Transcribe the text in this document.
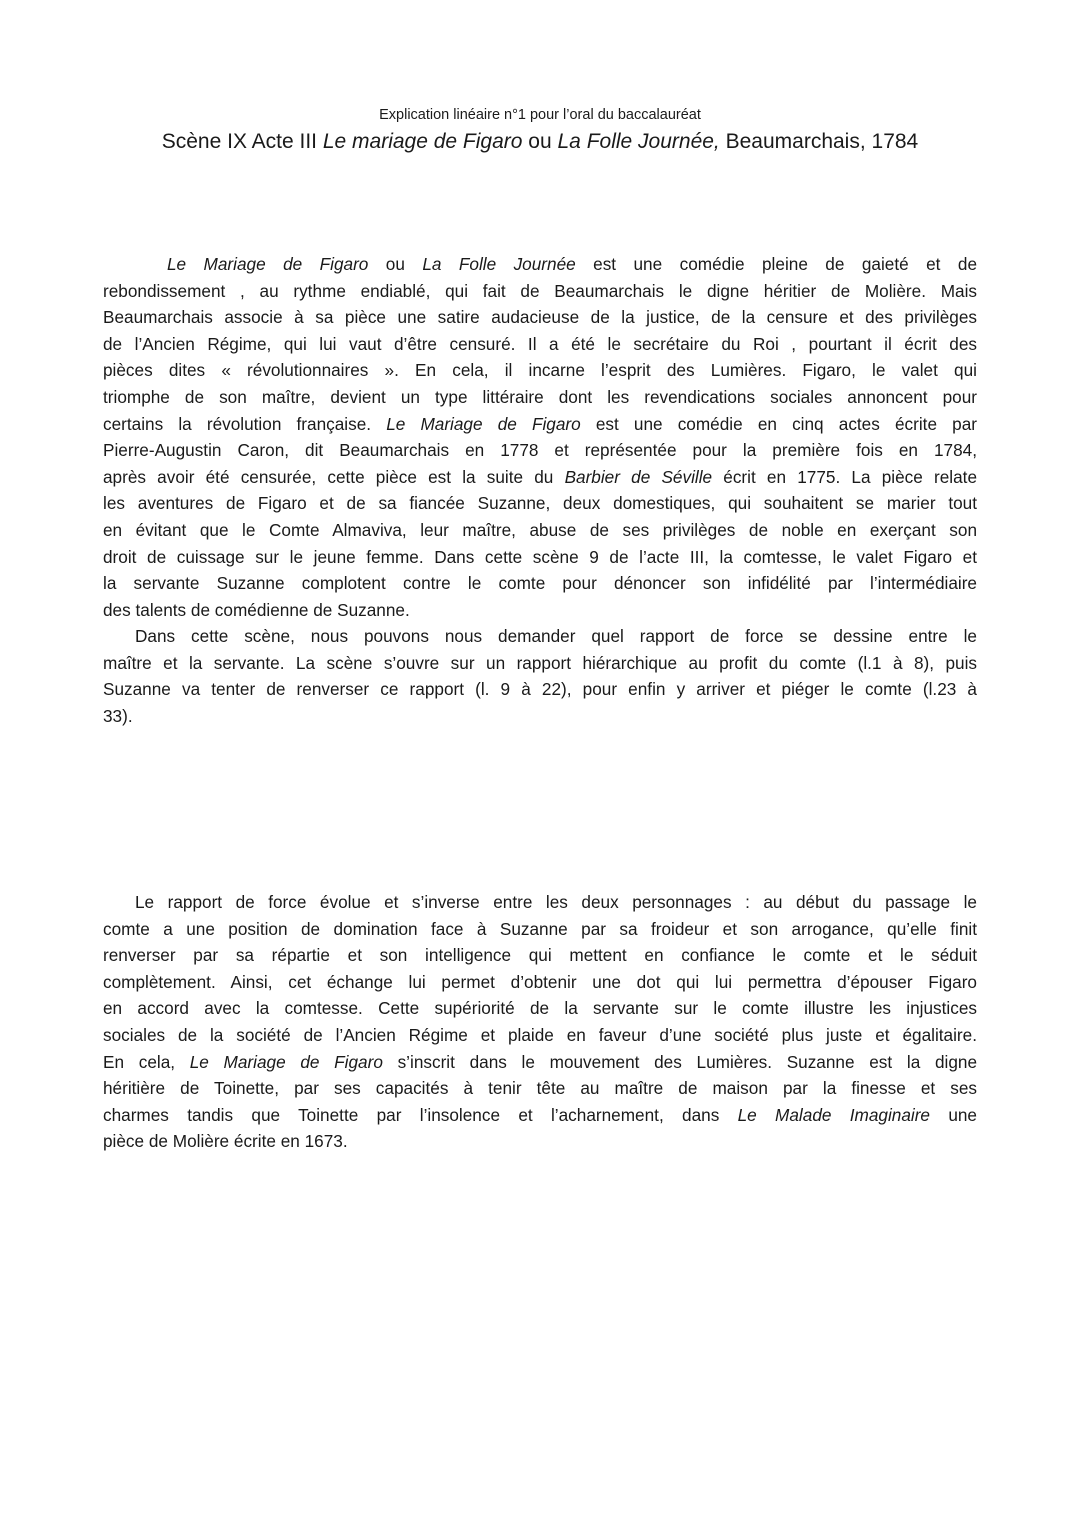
Explication linéaire n°1 pour l’oral du baccalauréat
Scène IX Acte III Le mariage de Figaro ou La Folle Journée, Beaumarchais, 1784
Le Mariage de Figaro ou La Folle Journée est une comédie pleine de gaieté et de
rebondissement , au rythme endiablé, qui fait de Beaumarchais le digne héritier de Molière. Mais
Beaumarchais associe à sa pièce une satire audacieuse de la justice, de la censure et des privilèges
de l’Ancien Régime, qui lui vaut d’être censuré. Il a été le secrétaire du Roi , pourtant il écrit des
pièces dites « révolutionnaires ». En cela, il incarne l’esprit des Lumières. Figaro, le valet qui
triomphe de son maître, devient un type littéraire dont les revendications sociales annoncent pour
certains la révolution française. Le Mariage de Figaro est une comédie en cinq actes écrite par
Pierre-Augustin Caron, dit Beaumarchais en 1778 et représentée pour la première fois en 1784,
après avoir été censurée, cette pièce est la suite du Barbier de Séville écrit en 1775. La pièce relate
les aventures de Figaro et de sa fiancée Suzanne, deux domestiques, qui souhaitent se marier tout
en évitant que le Comte Almaviva, leur maître, abuse de ses privilèges de noble en exerçant son
droit de cuissage sur le jeune femme. Dans cette scène 9 de l’acte III, la comtesse, le valet Figaro et
la servante Suzanne complotent contre le comte pour dénoncer son infidélité par l’intermédiaire
des talents de comédienne de Suzanne.
Dans cette scène, nous pouvons nous demander quel rapport de force se dessine entre le
maître et la servante. La scène s’ouvre sur un rapport hiérarchique au profit du comte (l.1 à 8), puis
Suzanne va tenter de renverser ce rapport (l. 9 à 22), pour enfin y arriver et piéger le comte (l.23 à
33).
Le rapport de force évolue et s’inverse entre les deux personnages : au début du passage le
comte a une position de domination face à Suzanne par sa froideur et son arrogance, qu’elle finit
renverser par sa répartie et son intelligence qui mettent en confiance le comte et le séduit
complètement. Ainsi, cet échange lui permet d’obtenir une dot qui lui permettra d’épouser Figaro
en accord avec la comtesse. Cette supériorité de la servante sur le comte illustre les injustices
sociales de la société de l’Ancien Régime et plaide en faveur d’une société plus juste et égalitaire.
En cela, Le Mariage de Figaro s’inscrit dans le mouvement des Lumières. Suzanne est la digne
héritière de Toinette, par ses capacités à tenir tête au maître de maison par la finesse et ses
charmes tandis que Toinette par l’insolence et l’acharnement, dans Le Malade Imaginaire une
pièce de Molière écrite en 1673.
